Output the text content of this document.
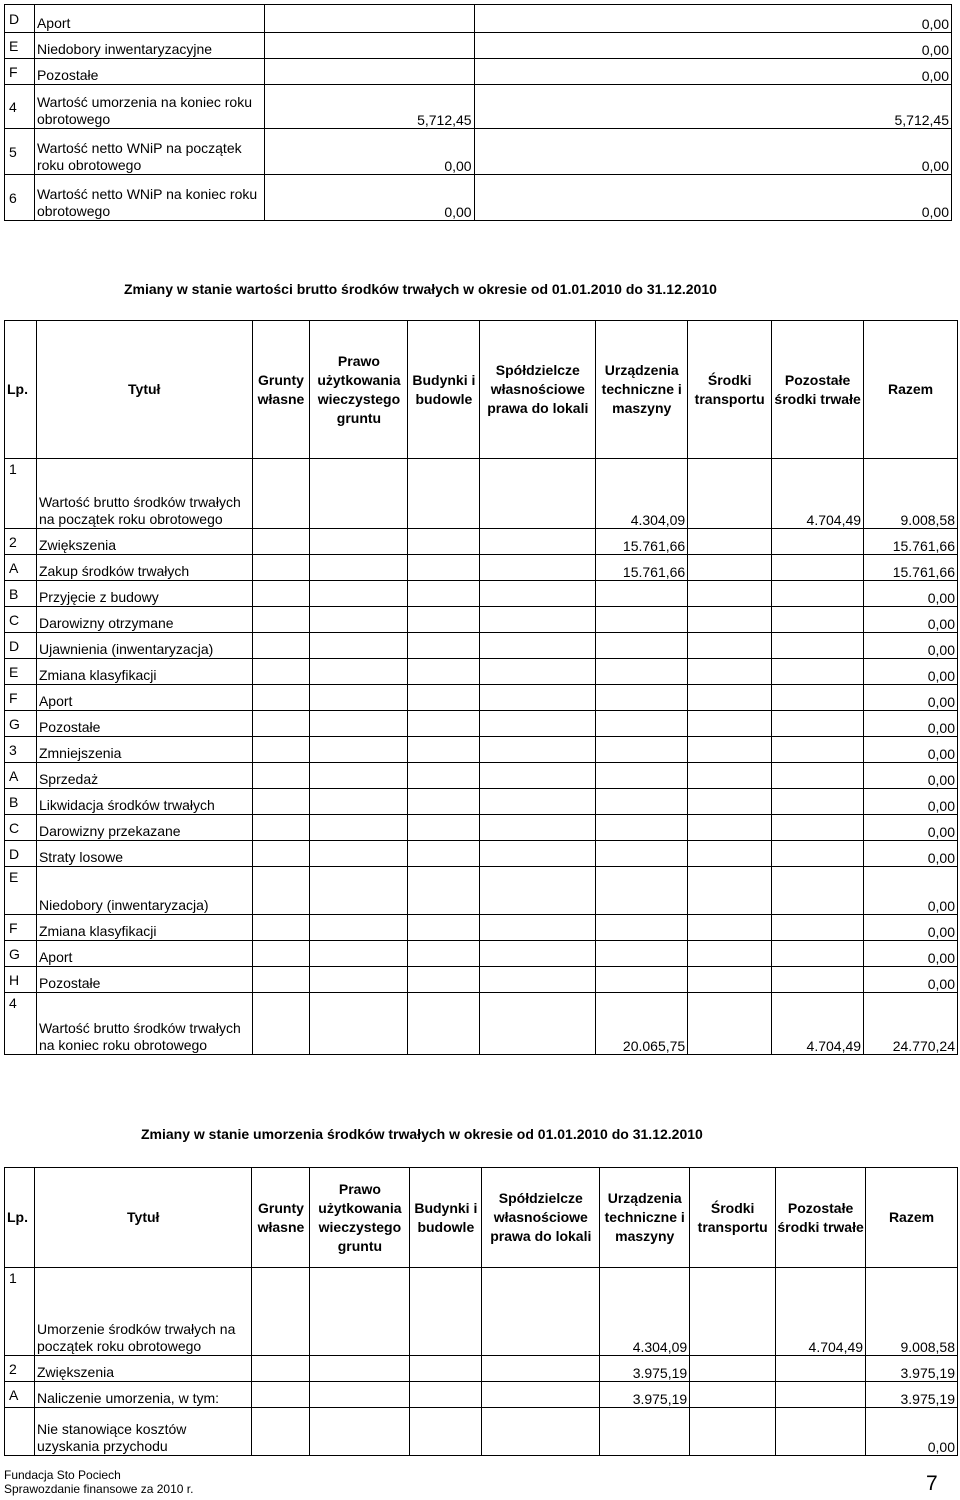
D	Aport		0,00
E	Niedobory inwentaryzacyjne		0,00
F	Pozostałe		0,00
4	Wartość umorzenia na koniec roku obrotowego	5,712,45	5,712,45
5	Wartość netto WNiP na początek roku obrotowego	0,00	0,00
6	Wartość netto WNiP na koniec roku obrotowego	0,00	0,00
Zmiany w stanie wartości brutto środków trwałych w okresie od 01.01.2010 do 31.12.2010
Lp.	Tytuł	Grunty własne	Prawo użytkowania wieczystego gruntu	Budynki i budowle	Spółdzielcze własnościowe prawa do lokali	Urządzenia techniczne i maszyny	Środki transportu	Pozostałe środki trwałe	Razem
1	Wartość brutto środków trwałych na początek roku obrotowego					4.304,09		4.704,49	9.008,58
2	Zwiększenia					15.761,66			15.761,66
A	Zakup środków trwałych					15.761,66			15.761,66
B	Przyjęcie z budowy								0,00
C	Darowizny otrzymane								0,00
D	Ujawnienia (inwentaryzacja)								0,00
E	Zmiana klasyfikacji								0,00
F	Aport								0,00
G	Pozostałe								0,00
3	Zmniejszenia								0,00
A	Sprzedaż								0,00
B	Likwidacja środków trwałych								0,00
C	Darowizny przekazane								0,00
D	Straty losowe								0,00
E	Niedobory (inwentaryzacja)								0,00
F	Zmiana klasyfikacji								0,00
G	Aport								0,00
H	Pozostałe								0,00
4	Wartość brutto środków trwałych na koniec roku obrotowego					20.065,75		4.704,49	24.770,24
Zmiany w stanie umorzenia środków trwałych w okresie od 01.01.2010 do 31.12.2010
Lp.	Tytuł	Grunty własne	Prawo użytkowania wieczystego gruntu	Budynki i budowle	Spółdzielcze własnościowe prawa do lokali	Urządzenia techniczne i maszyny	Środki transportu	Pozostałe środki trwałe	Razem
1	Umorzenie środków trwałych na początek roku obrotowego					4.304,09		4.704,49	9.008,58
2	Zwiększenia					3.975,19			3.975,19
A	Naliczenie umorzenia, w tym:					3.975,19			3.975,19
	Nie stanowiące kosztów uzyskania przychodu								0,00
Fundacja Sto Pociech
Sprawozdanie finansowe za 2010 r.	7
